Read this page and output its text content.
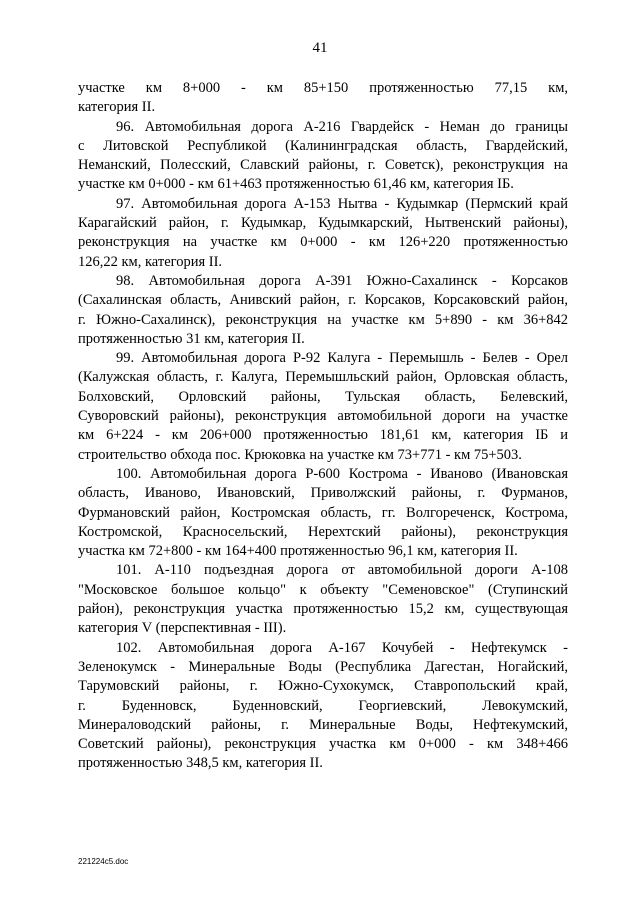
41

участке км 8+000 - км 85+150 протяженностью 77,15 км,
категория II.

96. Автомобильная дорога А-216 Гвардейск - Неман до границы
с Литовской Республикой (Калининградская область, Гвардейский,
Неманский, Полесский, Славский районы, г. Советск), реконструкция на
участке км 0+000 - км 61+463 протяженностью 61,46 км, категория IБ.

97. Автомобильная дорога А-153 Нытва - Кудымкар (Пермский край
Карагайский район, г. Кудымкар, Кудымкарский, Нытвенский районы),
реконструкция на участке км 0+000 - км 126+220 протяженностью
126,22 км, категория II.

98. Автомобильная дорога А-391 Южно-Сахалинск - Корсаков
(Сахалинская область, Анивский район, г. Корсаков, Корсаковский район,
г. Южно-Сахалинск), реконструкция на участке км 5+890 - км 36+842
протяженностью 31 км, категория II.

99. Автомобильная дорога Р-92 Калуга - Перемышль - Белев - Орел
(Калужская область, г. Калуга, Перемышльский район, Орловская область,
Болховский, Орловский районы, Тульская область, Белевский,
Суворовский районы), реконструкция автомобильной дороги на участке
км 6+224 - км 206+000 протяженностью 181,61 км, категория IБ и
строительство обхода пос. Крюковка на участке км 73+771 - км 75+503.

100. Автомобильная дорога Р-600 Кострома - Иваново (Ивановская
область, Иваново, Ивановский, Приволжский районы, г. Фурманов,
Фурмановский район, Костромская область, гг. Волгореченск, Кострома,
Костромской, Красносельский, Нерехтский районы), реконструкция
участка км 72+800 - км 164+400 протяженностью 96,1 км, категория II.

101. А-110 подъездная дорога от автомобильной дороги А-108
"Московское большое кольцо" к объекту "Семеновское" (Ступинский
район), реконструкция участка протяженностью 15,2 км, существующая
категория V (перспективная - III).

102. Автомобильная дорога А-167 Кочубей - Нефтекумск -
Зеленокумск - Минеральные Воды (Республика Дагестан, Ногайский,
Тарумовский районы, г. Южно-Сухокумск, Ставропольский край,
г. Буденновск, Буденновский, Георгиевский, Левокумский,
Минераловодский районы, г. Минеральные Воды, Нефтекумский,
Советский районы), реконструкция участка км 0+000 - км 348+466
протяженностью 348,5 км, категория II.

221224c5.doc
